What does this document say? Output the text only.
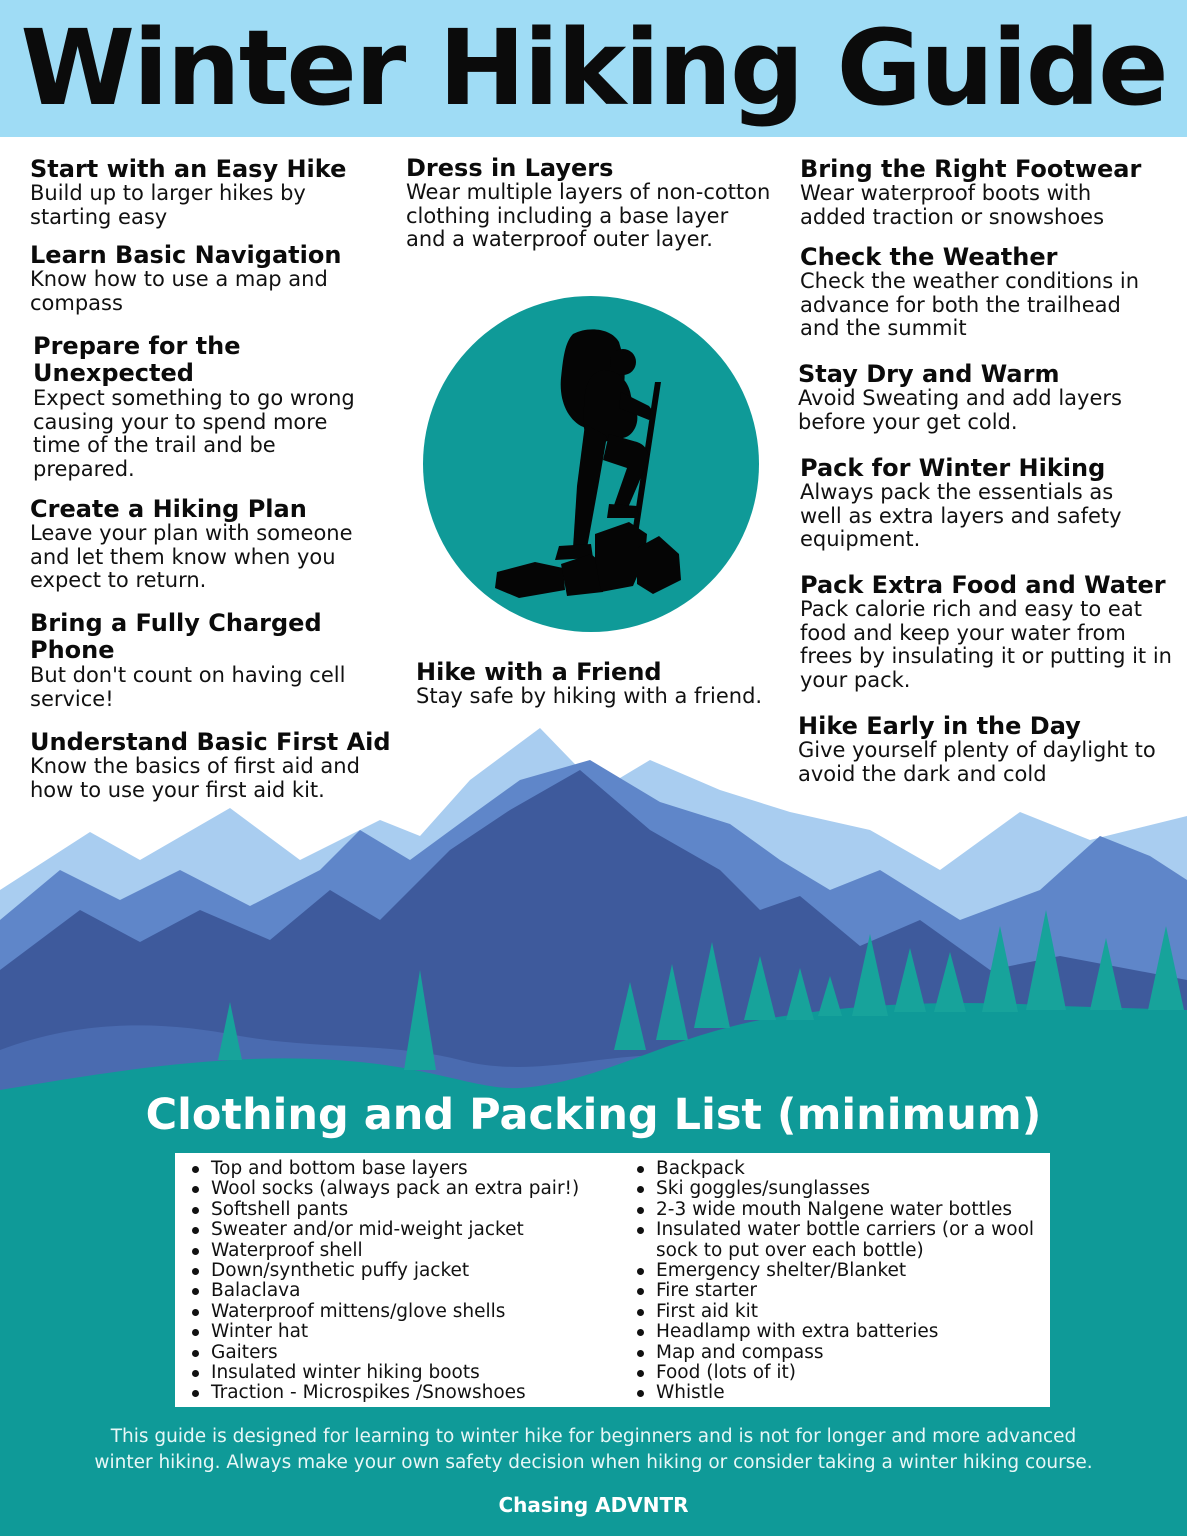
Winter Hiking Guide
Start with an Easy Hike

Build up to larger hikes by starting easy

Learn Basic Navigation

Know how to use a map and compass

Prepare for the Unexpected

Expect something to go wrong causing your to spend more time of the trail and be prepared.

Create a Hiking Plan

Leave your plan with someone and let them know when you expect to return.

Bring a Fully Charged Phone

But don't count on having cell service!

Understand Basic First Aid

Know the basics of first aid and how to use your first aid kit.

Dress in Layers

Wear multiple layers of non-cotton clothing including a base layer and a waterproof outer layer.

Hike with a Friend

Stay safe by hiking with a friend.

Bring the Right Footwear

Wear waterproof boots with added traction or snowshoes

Check the Weather

Check the weather conditions in advance for both the trailhead and the summit

Stay Dry and Warm

Avoid Sweating and add layers before your get cold.

Pack for Winter Hiking

Always pack the essentials as well as extra layers and safety equipment.

Pack Extra Food and Water

Pack calorie rich and easy to eat food and keep your water from frees by insulating it or putting it in your pack.

Hike Early in the Day

Give yourself plenty of daylight to avoid the dark and cold

Clothing and Packing List (minimum)
Top and bottom base layers
Wool socks (always pack an extra pair!)
Softshell pants
Sweater and/or mid-weight jacket
Waterproof shell
Down/synthetic puffy jacket
Balaclava
Waterproof mittens/glove shells
Winter hat
Gaiters
Insulated winter hiking boots
Traction - Microspikes /Snowshoes
Backpack
Ski goggles/sunglasses
2-3 wide mouth Nalgene water bottles
Insulated water bottle carriers (or a wool sock to put over each bottle)
Emergency shelter/Blanket
Fire starter
First aid kit
Headlamp with extra batteries
Map and compass
Food (lots of it)
Whistle

This guide is designed for learning to winter hike for beginners and is not for longer and more advanced winter hiking. Always make your own safety decision when hiking or consider taking a winter hiking course.

Chasing ADVNTR
